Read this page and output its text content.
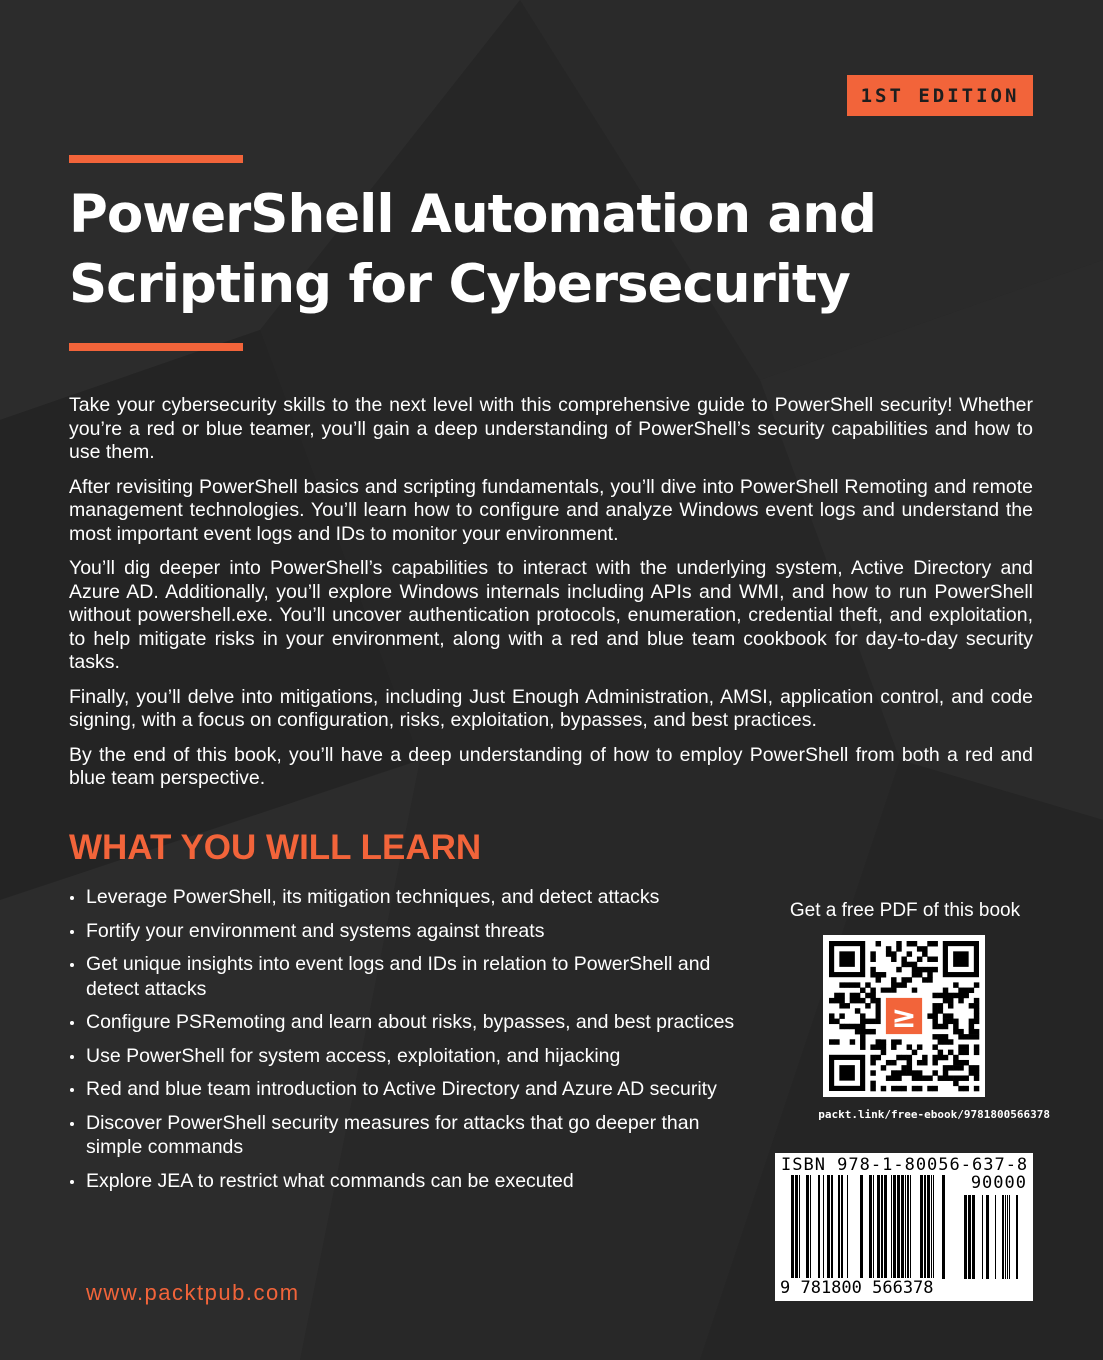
1ST EDITION
PowerShell Automation and
Scripting for Cybersecurity

Take your cybersecurity skills to the next level with this comprehensive guide to PowerShell security! Whether you’re a red or blue teamer, you’ll gain a deep understanding of PowerShell’s security capabilities and how to use them.

After revisiting PowerShell basics and scripting fundamentals, you’ll dive into PowerShell Remoting and remote management technologies. You’ll learn how to configure and analyze Windows event logs and understand the most important event logs and IDs to monitor your environment.

You’ll dig deeper into PowerShell’s capabilities to interact with the underlying system, Active Directory and Azure AD. Additionally, you’ll explore Windows internals including APIs and WMI, and how to run PowerShell without powershell.exe. You’ll uncover authentication protocols, enumeration, credential theft, and exploitation, to help mitigate risks in your environment, along with a red and blue team cookbook for day-to-day security tasks.

Finally, you’ll delve into mitigations, including Just Enough Administration, AMSI, application control, and code signing, with a focus on configuration, risks, exploitation, bypasses, and best practices.

By the end of this book, you’ll have a deep understanding of how to employ PowerShell from both a red and blue team perspective.

WHAT YOU WILL LEARN
Leverage PowerShell, its mitigation techniques, and detect attacks
Fortify your environment and systems against threats
Get unique insights into event logs and IDs in relation to PowerShell and detect attacks
Configure PSRemoting and learn about risks, bypasses, and best practices
Use PowerShell for system access, exploitation, and hijacking
Red and blue team introduction to Active Directory and Azure AD security
Discover PowerShell security measures for attacks that go deeper than simple commands
Explore JEA to restrict what commands can be executed
www.packtpub.com
Get a free PDF of this book
≥
packt.link/free-ebook/9781800566378
ISBN 978-1-80056-637-8
90000
9 781800 566378
